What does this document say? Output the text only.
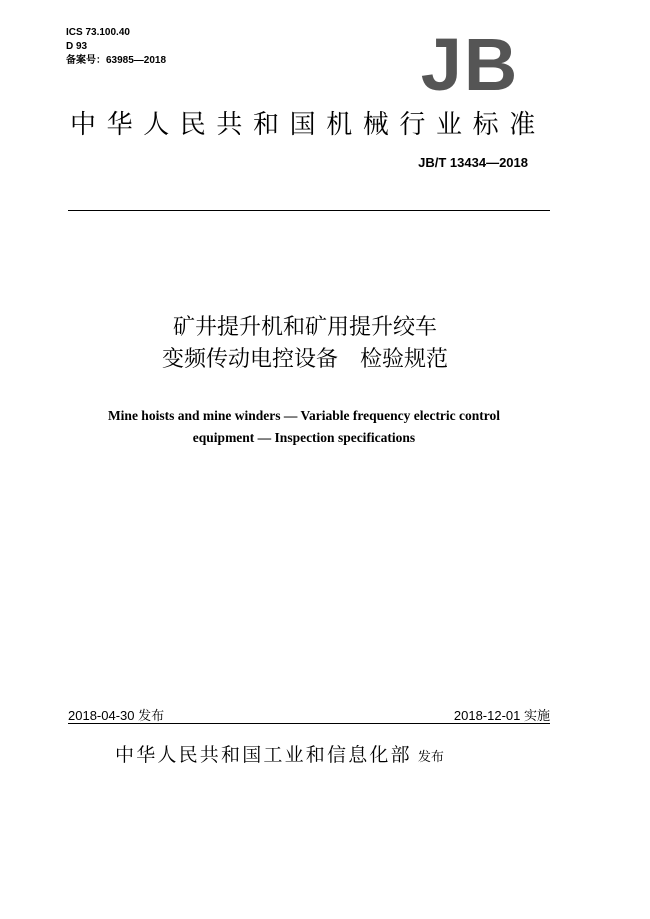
ICS 73.100.40
D 93
备案号：63985—2018	JB
中华人民共和国机械行业标准
JB/T 13434—2018
矿井提升机和矿用提升绞车
变频传动电控设备　检验规范
Mine hoists and mine winders — Variable frequency electric control
equipment — Inspection specifications
2018-04-30 发布	2018-12-01 实施
中华人民共和国工业和信息化部 发布
